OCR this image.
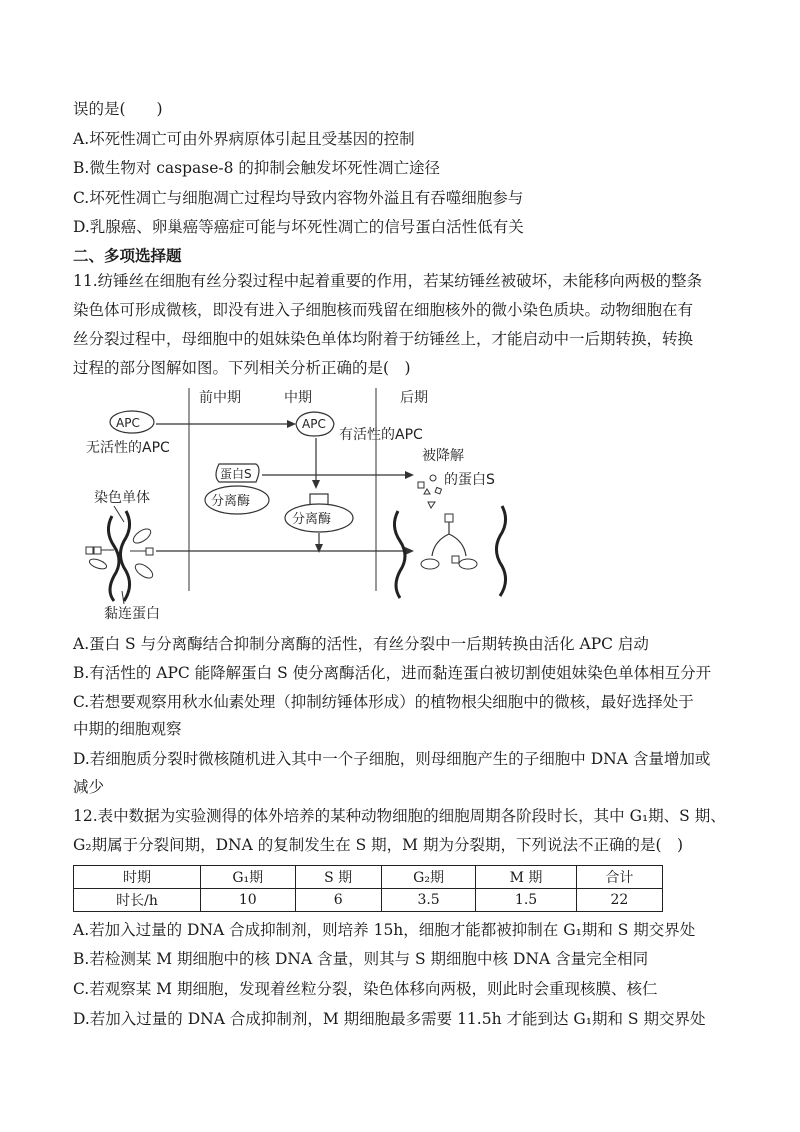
误的是(　　)
A.坏死性凋亡可由外界病原体引起且受基因的控制
B.微生物对 caspase-8 的抑制会触发坏死性凋亡途径
C.坏死性凋亡与细胞凋亡过程均导致内容物外溢且有吞噬细胞参与
D.乳腺癌、卵巢癌等癌症可能与坏死性凋亡的信号蛋白活性低有关
二、多项选择题
11.纺锤丝在细胞有丝分裂过程中起着重要的作用，若某纺锤丝被破坏，未能移向两极的整条
染色体可形成微核，即没有进入子细胞核而残留在细胞核外的微小染色质块。动物细胞在有
丝分裂过程中，母细胞中的姐妹染色单体均附着于纺锤丝上，才能启动中一后期转换，转换
过程的部分图解如图。下列相关分析正确的是(　)
前中期	中期	后期
APC
无活性的APC
APC
有活性的APC
蛋白S
分离酶
分离酶
被降解
的蛋白S
染色单体
黏连蛋白
A.蛋白 S 与分离酶结合抑制分离酶的活性，有丝分裂中一后期转换由活化 APC 启动
B.有活性的 APC 能降解蛋白 S 使分离酶活化，进而黏连蛋白被切割使姐妹染色单体相互分开
C.若想要观察用秋水仙素处理（抑制纺锤体形成）的植物根尖细胞中的微核，最好选择处于
中期的细胞观察
D.若细胞质分裂时微核随机进入其中一个子细胞，则母细胞产生的子细胞中 DNA 含量增加或
减少
12.表中数据为实验测得的体外培养的某种动物细胞的细胞周期各阶段时长，其中 G₁期、S 期、
G₂期属于分裂间期，DNA 的复制发生在 S 期，M 期为分裂期，下列说法不正确的是(　)
时期	G₁期	S 期	G₂期	M 期	合计
时长/h	10	6	3.5	1.5	22
A.若加入过量的 DNA 合成抑制剂，则培养 15h，细胞才能都被抑制在 G₁期和 S 期交界处
B.若检测某 M 期细胞中的核 DNA 含量，则其与 S 期细胞中核 DNA 含量完全相同
C.若观察某 M 期细胞，发现着丝粒分裂，染色体移向两极，则此时会重现核膜、核仁
D.若加入过量的 DNA 合成抑制剂，M 期细胞最多需要 11.5h 才能到达 G₁期和 S 期交界处
